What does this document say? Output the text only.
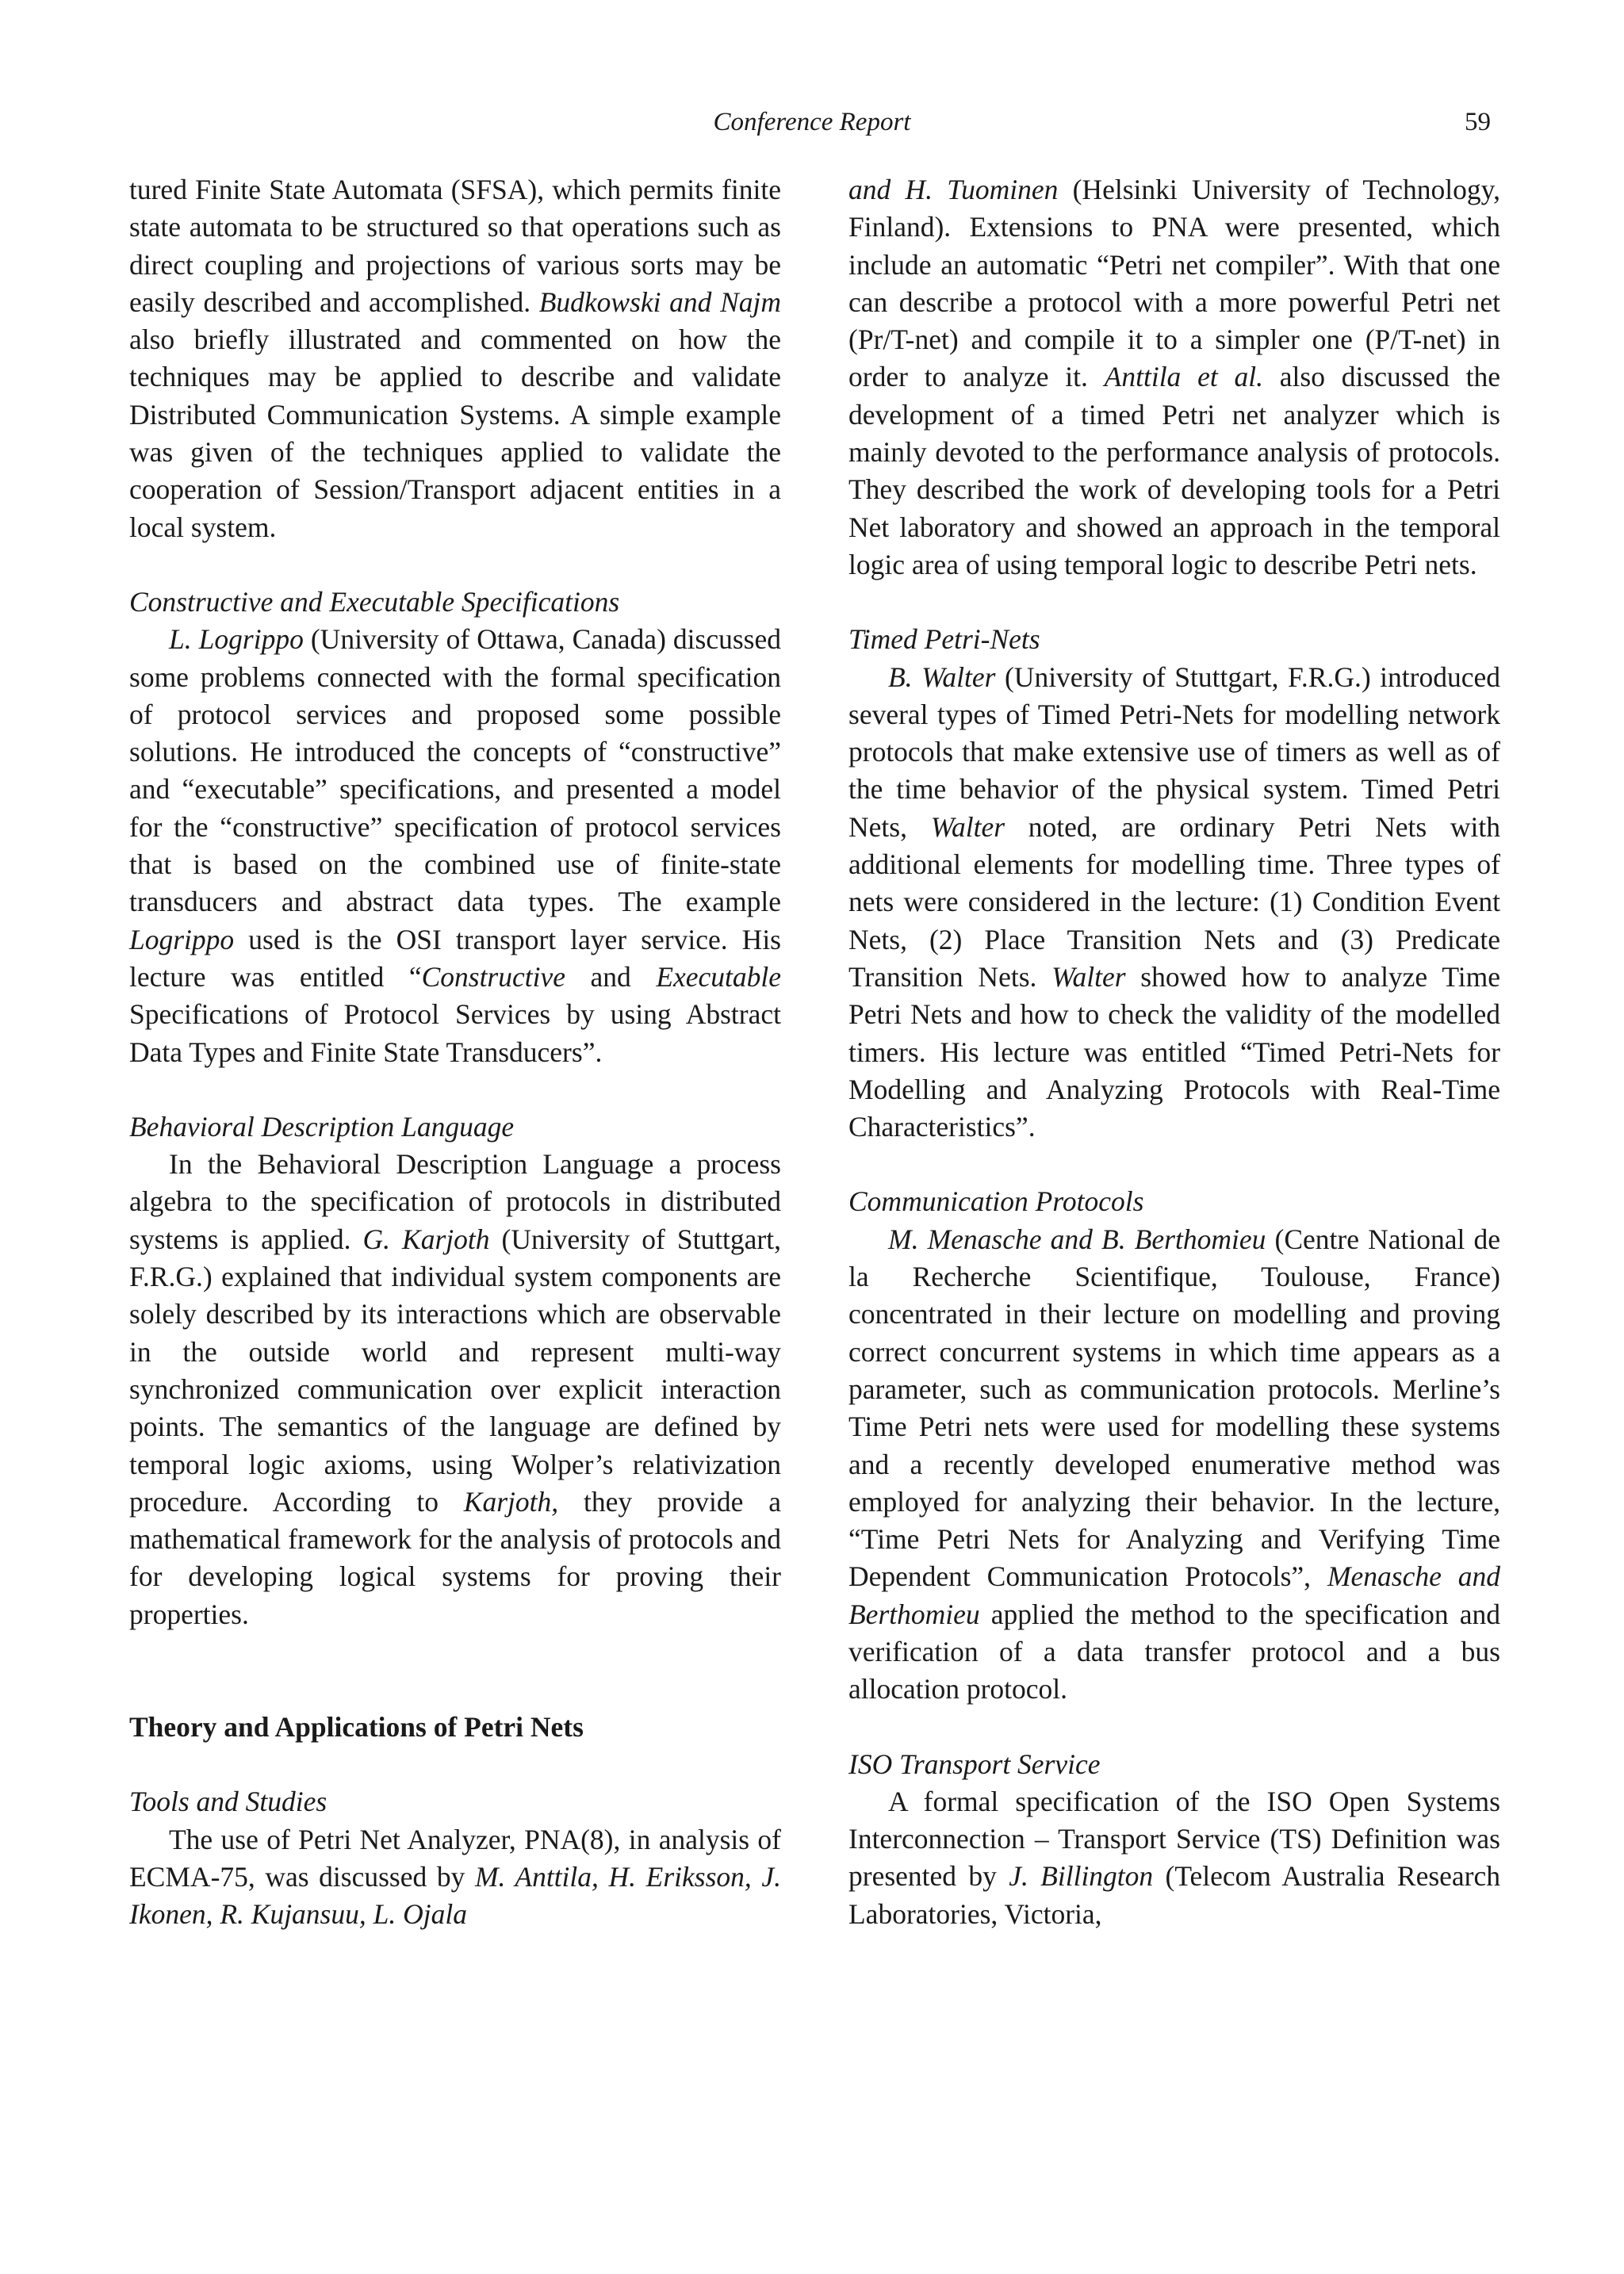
Conference Report	59

tured Finite State Automata (SFSA), which permits finite state automata to be structured so that operations such as direct coupling and projections of various sorts may be easily described and accomplished. Budkowski and Najm also briefly illustrated and commented on how the techniques may be applied to describe and validate Distributed Communication Systems. A simple example was given of the techniques applied to validate the cooperation of Session/Transport adjacent entities in a local system.

Constructive and Executable Specifications

L. Logrippo (University of Ottawa, Canada) discussed some problems connected with the formal specification of protocol services and proposed some possible solutions. He introduced the concepts of “constructive” and “executable” specifications, and presented a model for the “constructive” specification of protocol services that is based on the combined use of finite-state transducers and abstract data types. The example Logrippo used is the OSI transport layer service. His lecture was entitled “Constructive and Executable Specifications of Protocol Services by using Abstract Data Types and Finite State Transducers”.

Behavioral Description Language

In the Behavioral Description Language a process algebra to the specification of protocols in distributed systems is applied. G. Karjoth (University of Stuttgart, F.R.G.) explained that individual system components are solely described by its interactions which are observable in the outside world and represent multi-way synchronized communication over explicit interaction points. The semantics of the language are defined by temporal logic axioms, using Wolper’s relativization procedure. According to Karjoth, they provide a mathematical framework for the analysis of protocols and for developing logical systems for proving their properties.

Theory and Applications of Petri Nets

Tools and Studies

The use of Petri Net Analyzer, PNA(8), in analysis of ECMA-75, was discussed by M. Anttila, H. Eriksson, J. Ikonen, R. Kujansuu, L. Ojala

and H. Tuominen (Helsinki University of Technology, Finland). Extensions to PNA were presented, which include an automatic “Petri net compiler”. With that one can describe a protocol with a more powerful Petri net (Pr/T-net) and compile it to a simpler one (P/T-net) in order to analyze it. Anttila et al. also discussed the development of a timed Petri net analyzer which is mainly devoted to the performance analysis of protocols. They described the work of developing tools for a Petri Net laboratory and showed an approach in the temporal logic area of using temporal logic to describe Petri nets.

Timed Petri-Nets

B. Walter (University of Stuttgart, F.R.G.) introduced several types of Timed Petri-Nets for modelling network protocols that make extensive use of timers as well as of the time behavior of the physical system. Timed Petri Nets, Walter noted, are ordinary Petri Nets with additional elements for modelling time. Three types of nets were considered in the lecture: (1) Condition Event Nets, (2) Place Transition Nets and (3) Predicate Transition Nets. Walter showed how to analyze Time Petri Nets and how to check the validity of the modelled timers. His lecture was entitled “Timed Petri-Nets for Modelling and Analyzing Protocols with Real-Time Characteristics”.

Communication Protocols

M. Menasche and B. Berthomieu (Centre National de la Recherche Scientifique, Toulouse, France) concentrated in their lecture on modelling and proving correct concurrent systems in which time appears as a parameter, such as communication protocols. Merline’s Time Petri nets were used for modelling these systems and a recently developed enumerative method was employed for analyzing their behavior. In the lecture, “Time Petri Nets for Analyzing and Verifying Time Dependent Communication Protocols”, Menasche and Berthomieu applied the method to the specification and verification of a data transfer protocol and a bus allocation protocol.

ISO Transport Service

A formal specification of the ISO Open Systems Interconnection – Transport Service (TS) Definition was presented by J. Billington (Telecom Australia Research Laboratories, Victoria,
